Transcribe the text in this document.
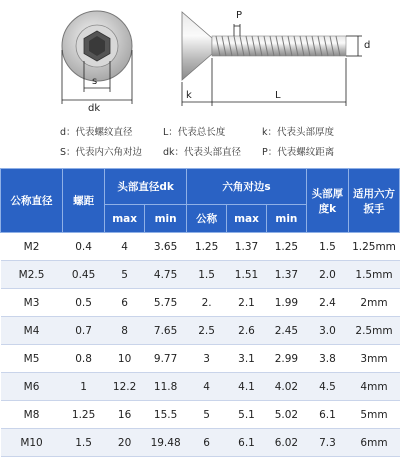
s
dk
P
d
k	L
d：代表螺纹直径	L：代表总长度	k：代表头部厚度
S：代表内六角对边 dk：代表头部直径 P：代表螺纹距离
公称直径	螺距	头部直径dk		六角对边s			头部厚度k	适用六方扳手
		max	min	公称	max	min		
M2	0.4	4	3.65	1.25	1.37	1.25	1.5	1.25mm
M2.5	0.45	5	4.75	1.5	1.51	1.37	2.0	1.5mm
M3	0.5	6	5.75	2.	2.1	1.99	2.4	2mm
M4	0.7	8	7.65	2.5	2.6	2.45	3.0	2.5mm
M5	0.8	10	9.77	3	3.1	2.99	3.8	3mm
M6	1	12.2	11.8	4	4.1	4.02	4.5	4mm
M8	1.25	16	15.5	5	5.1	5.02	6.1	5mm
M10	1.5	20	19.48	6	6.1	6.02	7.3	6mm
